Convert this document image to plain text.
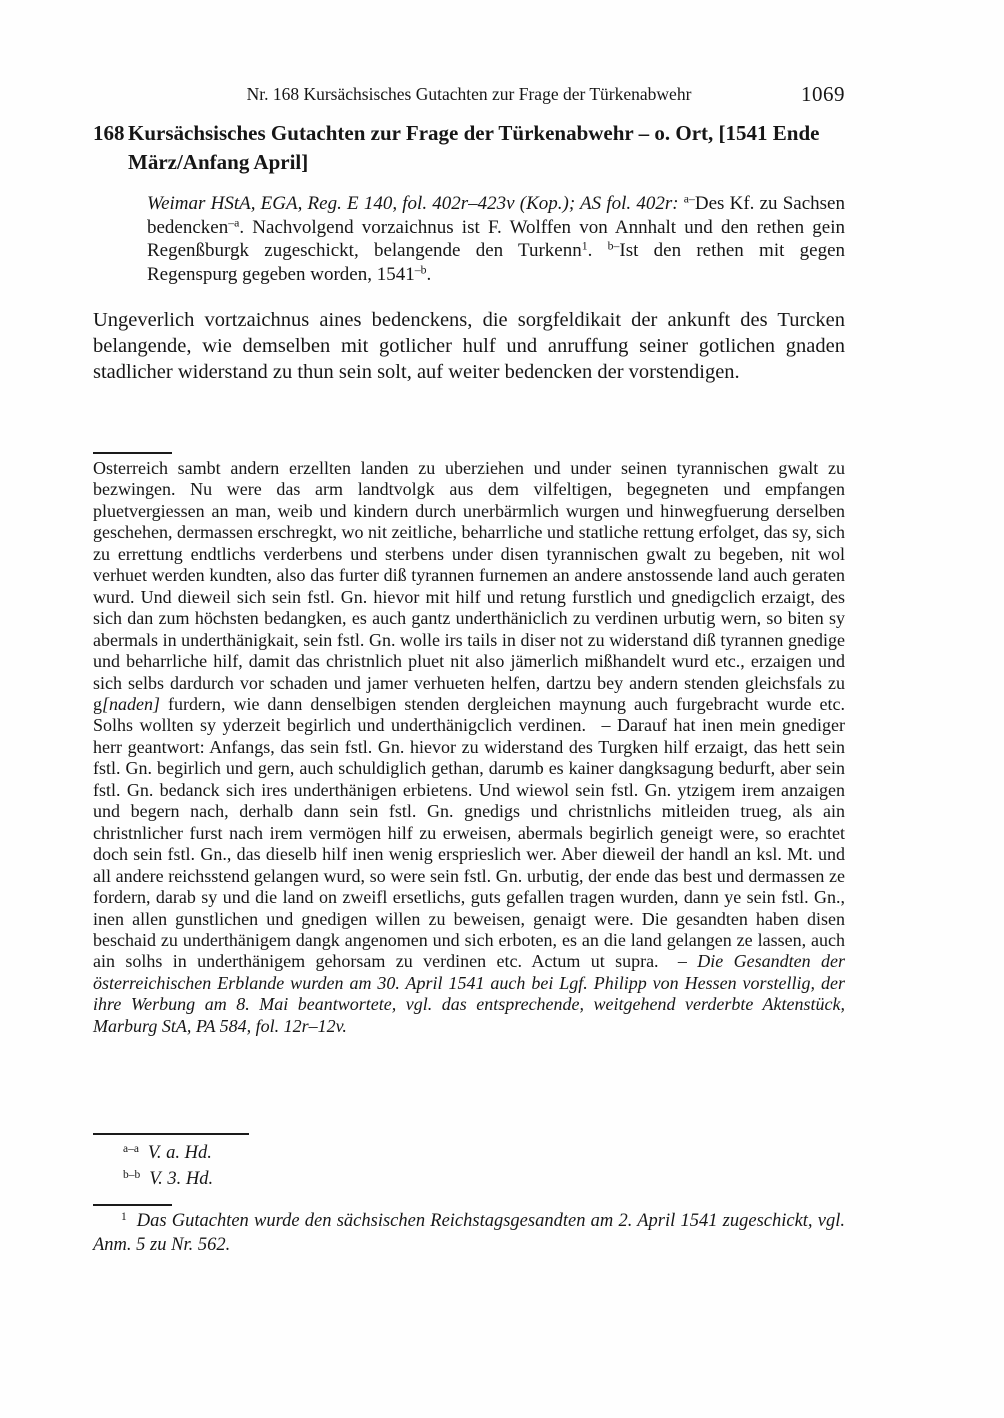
Nr. 168 Kursächsisches Gutachten zur Frage der Türkenabwehr	1069
168 Kursächsisches Gutachten zur Frage der Türkenabwehr – o. Ort, [1541 Ende März/Anfang April]
Weimar HStA, EGA, Reg. E 140, fol. 402r–423v (Kop.); AS fol. 402r: $^{a-}$Des Kf. zu Sachsen bedencken$^{-a}$. Nachvolgend vorzaichnus ist F. Wolffen von Annhalt und den rethen gein Regenßburgk zugeschickt, belangende den Turkenn$^1$. $^{b-}$Ist den rethen mit gegen Regenspurg gegeben worden, $1541^{-b}$.

Ungeverlich vortzaichnus aines bedenckens, die sorgfeldikait der ankunft des Turcken belangende, wie demselben mit gotlicher hulf und anruffung seiner gotlichen gnaden stadlicher widerstand zu thun sein solt, auf weiter bedencken der vorstendigen.

Osterreich sambt andern erzellten landen zu uberziehen und under seinen tyrannischen gwalt zu bezwingen. Nu were das arm landtvolgk aus dem vilfeltigen, begegneten und empfangen pluetvergiessen an man, weib und kindern durch unerbärmlich wurgen und hinwegfuerung derselben geschehen, dermassen erschregkt, wo nit zeitliche, beharrliche und statliche rettung erfolget, das sy, sich zu errettung endtlichs verderbens und sterbens under disen tyrannischen gwalt zu begeben, nit wol verhuet werden kundten, also das furter diß tyrannen furnemen an andere anstossende land auch geraten wurd. Und dieweil sich sein fstl. Gn. hievor mit hilf und retung furstlich und gnedigclich erzaigt, des sich dan zum höchsten bedangken, es auch gantz underthäniclich zu verdinen urbutig wern, so biten sy abermals in underthänigkait, sein fstl. Gn. wolle irs tails in diser not zu widerstand diß tyrannen gnedige und beharrliche hilf, damit das christnlich pluet nit also jämerlich mißhandelt wurd etc., erzaigen und sich selbs dardurch vor schaden und jamer verhueten helfen, dartzu bey andern stenden gleichsfals zu g[naden] furdern, wie dann denselbigen stenden dergleichen maynung auch furgebracht wurde etc. Solhs wollten sy yderzeit begirlich und underthänigclich verdinen.  – Darauf hat inen mein gnediger herr geantwort: Anfangs, das sein fstl. Gn. hievor zu widerstand des Turgken hilf erzaigt, das hett sein fstl. Gn. begirlich und gern, auch schuldiglich gethan, darumb es kainer dangksagung bedurft, aber sein fstl. Gn. bedanck sich ires underthänigen erbietens. Und wiewol sein fstl. Gn. ytzigem irem anzaigen und begern nach, derhalb dann sein fstl. Gn. gnedigs und christnlichs mitleiden trueg, als ain christnlicher furst nach irem vermögen hilf zu erweisen, abermals begirlich geneigt were, so erachtet doch sein fstl. Gn., das dieselb hilf inen wenig ersprieslich wer. Aber dieweil der handl an ksl. Mt. und all andere reichsstend gelangen wurd, so were sein fstl. Gn. urbutig, der ende das best und dermassen ze fordern, darab sy und die land on zweifl ersetlichs, guts gefallen tragen wurden, dann ye sein fstl. Gn., inen allen gunstlichen und gnedigen willen zu beweisen, genaigt were. Die gesandten haben disen beschaid zu underthänigem dangk angenomen und sich erboten, es an die land gelangen ze lassen, auch ain solhs in underthänigem gehorsam zu verdinen etc. Actum ut supra.  – Die Gesandten der österreichischen Erblande wurden am 30. April 1541 auch bei Lgf. Philipp von Hessen vorstellig, der ihre Werbung am 8. Mai beantwortete, vgl. das entsprechende, weitgehend verderbte Aktenstück, Marburg StA, PA 584, fol. 12r–12v.

$^{a-a}$ V. a. Hd.
$^{b-b}$ V. 3. Hd.

$^1$ Das Gutachten wurde den sächsischen Reichstagsgesandten am 2. April 1541 zugeschickt, vgl. Anm. 5 zu Nr. 562.
